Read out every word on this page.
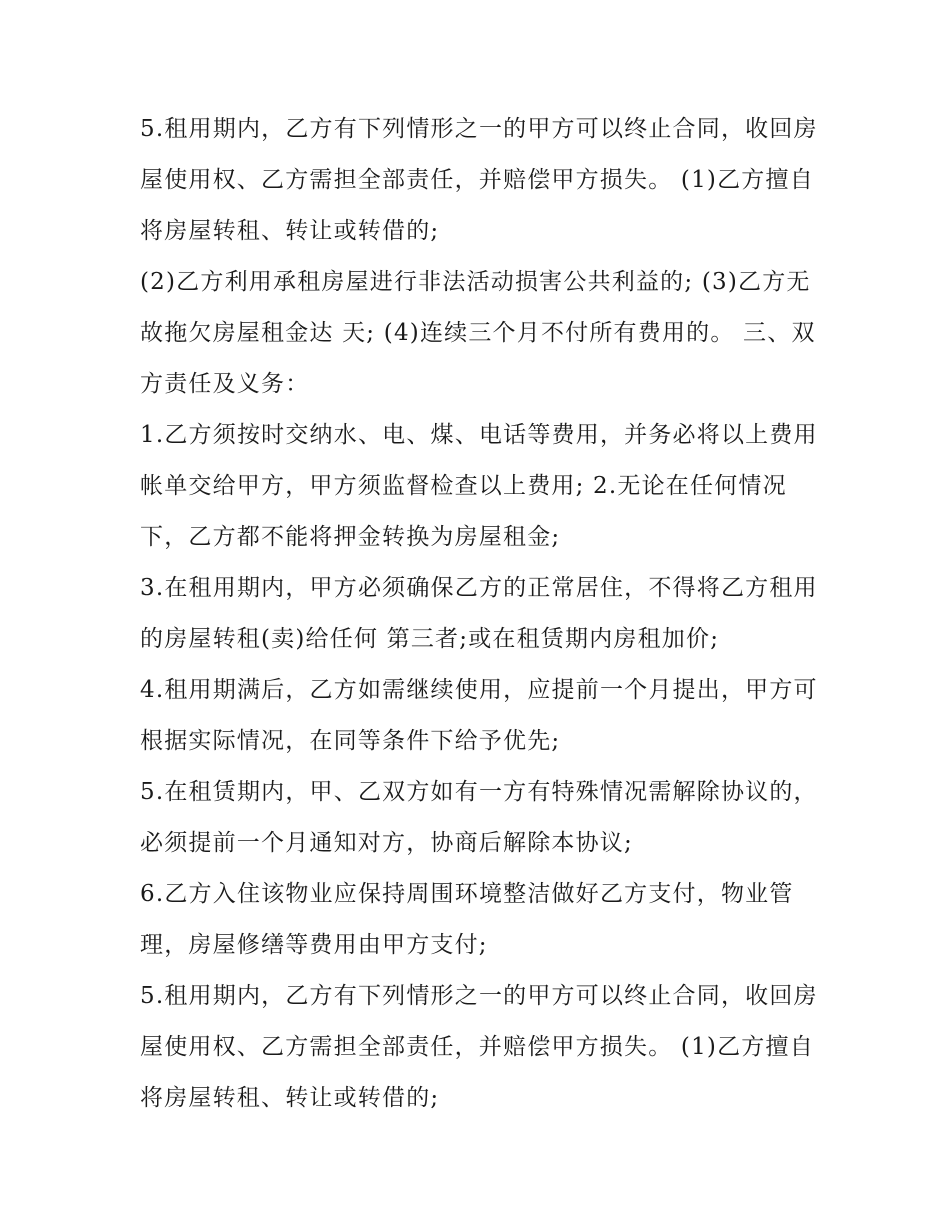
5.租用期内，乙方有下列情形之一的甲方可以终止合同，收回房屋使用权、乙方需担全部责任，并赔偿甲方损失。 (1)乙方擅自将房屋转租、转让或转借的;

(2)乙方利用承租房屋进行非法活动损害公共利益的; (3)乙方无故拖欠房屋租金达 天; (4)连续三个月不付所有费用的。 三、双方责任及义务：

1.乙方须按时交纳水、电、煤、电话等费用，并务必将以上费用帐单交给甲方，甲方须监督检查以上费用; 2.无论在任何情况下，乙方都不能将押金转换为房屋租金;

3.在租用期内，甲方必须确保乙方的正常居住，不得将乙方租用的房屋转租(卖)给任何 第三者;或在租赁期内房租加价;

4.租用期满后，乙方如需继续使用，应提前一个月提出，甲方可根据实际情况，在同等条件下给予优先;

5.在租赁期内，甲、乙双方如有一方有特殊情况需解除协议的，必须提前一个月通知对方，协商后解除本协议;

6.乙方入住该物业应保持周围环境整洁做好乙方支付，物业管理，房屋修缮等费用由甲方支付;

5.租用期内，乙方有下列情形之一的甲方可以终止合同，收回房屋使用权、乙方需担全部责任，并赔偿甲方损失。 (1)乙方擅自将房屋转租、转让或转借的;
